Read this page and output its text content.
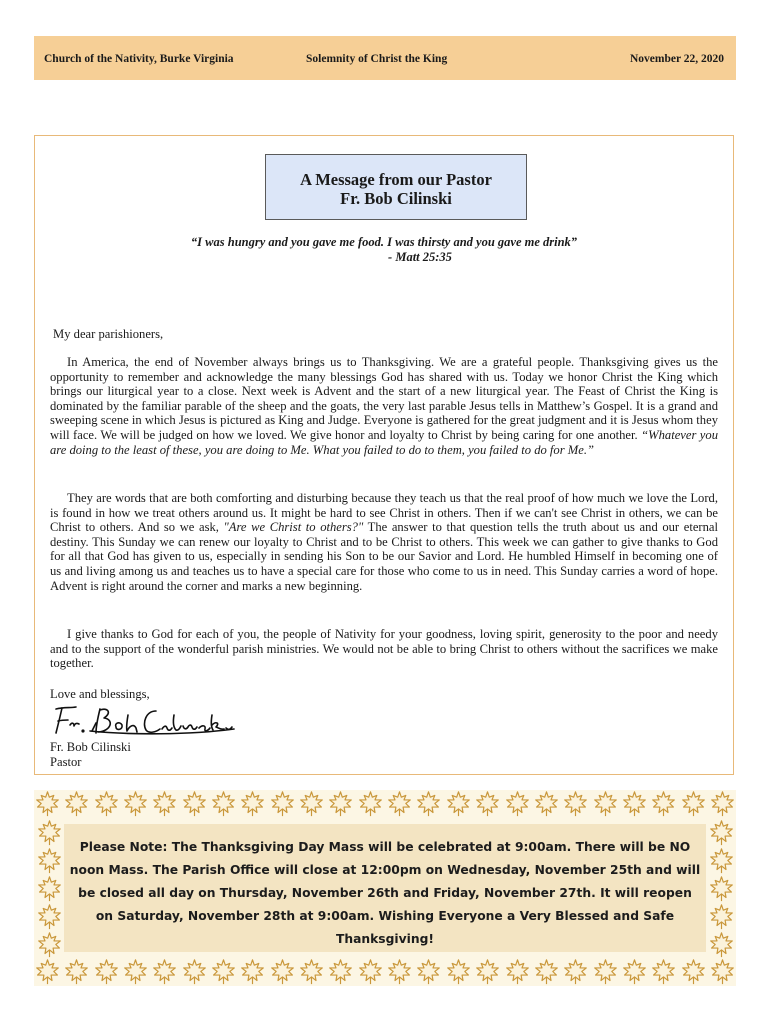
Church of the Nativity, Burke Virginia	Solemnity of Christ the King	November 22, 2020
A Message from our Pastor
Fr. Bob Cilinski
“I was hungry and you gave me food. I was thirsty and you gave me drink”
- Matt 25:35
My dear parishioners,
In America, the end of November always brings us to Thanksgiving. We are a grateful people. Thanksgiving gives us the opportunity to remember and acknowledge the many blessings God has shared with us. Today we honor Christ the King which brings our liturgical year to a close. Next week is Advent and the start of a new liturgical year. The Feast of Christ the King is dominated by the familiar parable of the sheep and the goats, the very last parable Jesus tells in Matthew’s Gospel. It is a grand and sweeping scene in which Jesus is pictured as King and Judge. Everyone is gathered for the great judgment and it is Jesus whom they will face. We will be judged on how we loved. We give honor and loyalty to Christ by being caring for one another. “Whatever you are doing to the least of these, you are doing to Me. What you failed to do to them, you failed to do for Me.”
They are words that are both comforting and disturbing because they teach us that the real proof of how much we love the Lord, is found in how we treat others around us. It might be hard to see Christ in others. Then if we can't see Christ in others, we can be Christ to others. And so we ask, "Are we Christ to others?" The answer to that question tells the truth about us and our eternal destiny. This Sunday we can renew our loyalty to Christ and to be Christ to others. This week we can gather to give thanks to God for all that God has given to us, especially in sending his Son to be our Savior and Lord. He humbled Himself in becoming one of us and living among us and teaches us to have a special care for those who come to us in need. This Sunday carries a word of hope. Advent is right around the corner and marks a new beginning.
I give thanks to God for each of you, the people of Nativity for your goodness, loving spirit, generosity to the poor and needy and to the support of the wonderful parish ministries. We would not be able to bring Christ to others without the sacrifices we make together.
Love and blessings,
Fr. Bob Cilinski
Pastor
Please Note: The Thanksgiving Day Mass will be celebrated at 9:00am. There will be NO noon Mass. The Parish Office will close at 12:00pm on Wednesday, November 25th and will be closed all day on Thursday, November 26th and Friday, November 27th. It will reopen on Saturday, November 28th at 9:00am. Wishing Everyone a Very Blessed and Safe Thanksgiving!
